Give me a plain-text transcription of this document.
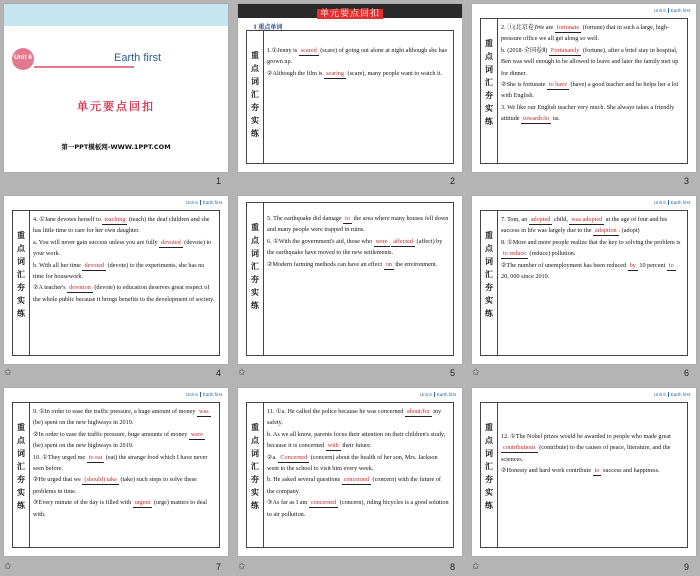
Unit 6	Earth first
单元要点回扣
第一PPT模板网-WWW.1PPT.COM
1
单元要点回扣
重点词汇夯实练

1.①Jenny is scared (scare) of going out alone at night although she has grown up.

②Although the film is scaring (scare), many people want to watch it.

Ⅰ 重点单词
2
Unit 6 Earth first
重点词汇夯实练

2. ①(北京卷)We are fortunate (fortune) that in such a large, high-pressure office we all get along so well.

b. (2018·全国卷Ⅱ) Fortunately (fortune), after a brief stay in hospital, Ben was well enough to be allowed to leave and later the family met up for dinner.

②She is fortunate to have (have) a good teacher and he helps her a lot with English.

3. We like our English teacher very much. She always takes a friendly attitude towards/to us.

3
Unit 6 Earth first
重点词汇夯实练

4. ①Jane devotes herself to teaching (teach) the deaf children and she has little time to care for her own daughter.

a. You will never gain success unless you are fully devoted (devote) to your work.

b. With all her time devoted (devote) to the experiments, she has no time for housework.

②A teacher's devotion (devote) to education deserves great respect of the whole public because it brings benefits to the development of society.

✩	4
重点词汇夯实练

5. The earthquake did damage to the area where many houses fell down and many people were trapped in ruins.

6. ①With the government's aid, those who were affected (affect) by the earthquake have moved to the new settlements.

②Modern farming methods can have an effect on the environment.

✩	5
Unit 6 Earth first
重点词汇夯实练

7. Tom, an adopted child, was adopted at the age of four and his success in life was largely due to the adoption . (adopt)

8. ①More and more people realize that the key to solving the problem is to reduce (reduce) pollution.

②The number of unemployment has been reduced by 10 percent to 20, 000 since 2019.

✩	6
Unit 6 Earth first
重点词汇夯实练

9. ①In order to ease the traffic pressure, a huge amount of money was (be) spent on the new highways in 2019.

②In order to ease the traffic pressure, huge amounts of money were (be) spent on the new highways in 2019.

10. ①They urged me to eat (eat) the strange food which I have never seen before.

②He urged that we (should) take (take) such steps to solve these problems in time.

③Every minute of the day is filled with urgent (urge) matters to deal with.

✩	7
Unit 6 Earth first
重点词汇夯实练

11. ①a. He called the police because he was concerned about/for my safety.

b. As we all know, parents focus their attention on their children's study, because it is concerned with their future.

②a. Concerned (concern) about the health of her son, Mrs. Jackson went to the school to visit him every week.

b. He asked several questions concerned (concern) with the future of the company.

③As far as I am concerned (concern), riding bicycles is a good solution to air pollution.

✩	8
Unit 6 Earth first
重点词汇夯实练

12. ①The Nobel prizes would be awarded to people who made great contributions (contribute) to the causes of peace, literature, and the sciences.

②Honesty and hard work contribute to success and happiness.

✩	9
